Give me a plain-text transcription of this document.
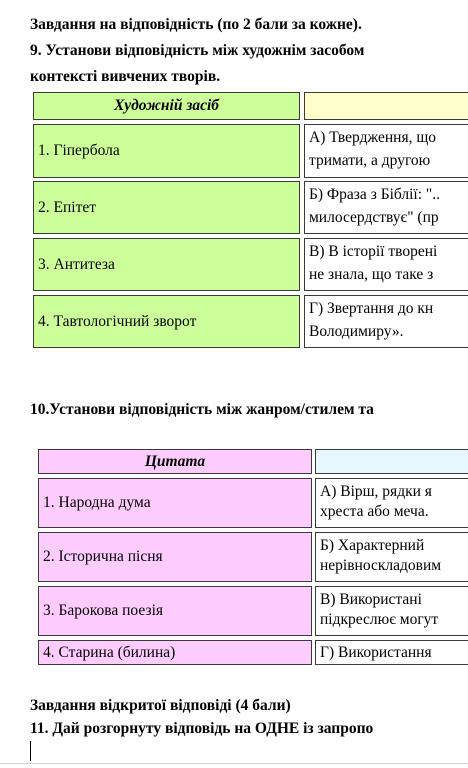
Завдання на відповідність (по 2 бали за кожне).
9. Установи відповідність між художнім засобом
контексті вивчених творів.
Художній засіб
1. Гіпербола
А) Твердження, що
тримати, а другою
2. Епітет
Б) Фраза з Біблії: "..
милосердствує" (пр
3. Антитеза
В) В історії творені
не знала, що таке з
4. Тавтологічний зворот
Г) Звертання до кн
Володимиру».
10.Установи відповідність між жанром/стилем та
Цитата
1. Народна дума
А) Вірш, рядки я
хреста або меча.
2. Історична пісня
Б) Характерний
нерівноскладовим
3. Барокова поезія
В) Використані
підкреслює могут
4. Старина (билина)	Г) Використання
Завдання відкритої відповіді (4 бали)
11. Дай розгорнуту відповідь на ОДНЕ із запропо
